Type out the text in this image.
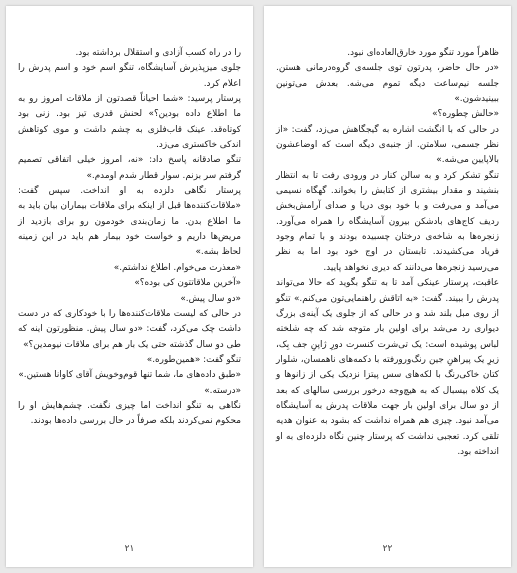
را در راه کسب آزادی و استقلال برداشته بود.

جلوی میزپذیرش آسایشگاه، تنگو اسم خود و اسم پدرش را اعلام کرد.

پرستار پرسید: «شما احیاناً قصدتون از ملاقات امروز رو به ما اطلاع داده بودین؟» لحنش قدری تیز بود. زنی بود کوتاه‌قد. عینک قاب‌فلزی به چشم داشت و موی کوتاهش اندکی خاکستری می‌زد.

تنگو صادقانه پاسخ داد: «نه، امروز خیلی اتفاقی تصمیم گرفتم سر بزنم. سوار قطار شدم اومدم.»

پرستار نگاهی دلزده به او انداخت. سپس گفت: «ملاقات‌کننده‌ها قبل از اینکه برای ملاقات بیماران بیان باید به ما اطلاع بدن. ما زمان‌بندی خودمون رو برای بازدید از مریض‌ها داریم و خواست خود بیمار هم باید در این زمینه لحاظ بشه.»

«معذرت می‌خوام. اطلاع نداشتم.»

«آخرین ملاقاتتون کی بوده؟»

«دو سال پیش.»

در حالی که لیست ملاقات‌کننده‌ها را با خودکاری که در دست داشت چک می‌کرد، گفت: «دو سال پیش. منظورتون اینه که طی دو سال گذشته حتی یک بار هم برای ملاقات نیومدین؟»

تنگو گفت: «همین‌طوره.»

«طبق داده‌های ما، شما تنها قوم‌وخویش آقای کاوانا هستین.»

«درسته.»

نگاهی به تنگو انداخت اما چیزی نگفت. چشم‌هایش او را محکوم نمی‌کردند بلکه صرفاً در حال بررسی داده‌ها بودند.

۲۱

ظاهراً مورد تنگو مورد خارق‌العاده‌ای نبود.

«در حال حاضر، پدرتون توی جلسه‌ی گروه‌درمانی هستن. جلسه نیم‌ساعت دیگه تموم می‌شه. بعدش می‌تونین ببینیدشون.»

«حالش چطوره؟»

در حالی که با انگشت اشاره به گیجگاهش می‌زد، گفت: «از نظر جسمی، سلامتن. از جنبه‌ی دیگه است که اوضاعشون بالاپایین می‌شه.»

تنگو تشکر کرد و به سالن کنار در ورودی رفت تا به انتظار بنشیند و مقدار بیشتری از کتابش را بخواند. گهگاه نسیمی می‌آمد و می‌رفت و با خود بوی دریا و صدای آرامش‌بخش ردیف کاج‌های بادشکن بیرون آسایشگاه را همراه می‌آورد. زنجره‌ها به شاخه‌ی درختان چسبیده بودند و با تمام وجود فریاد می‌کشیدند. تابستان در اوج خود بود اما به نظر می‌رسید زنجره‌ها می‌دانند که دیری نخواهد پایید.

عاقبت، پرستار عینکی آمد تا به تنگو بگوید که حالا می‌تواند پدرش را ببیند. گفت: «به اتاقش راهنمایی‌تون می‌کنم.» تنگو از روی مبل بلند شد و در حالی که از جلوی یک آینه‌ی بزرگ دیواری رد می‌شد برای اولین بار متوجه شد که چه شلخته لباس پوشیده است: یک تی‌شرت کنسرت دورِ ژاپنِ جف بِک، زیرِ یک پیراهنِ جین رنگ‌ورورفته با دکمه‌های ناهمسان، شلوار کتان خاکی‌رنگ با لکه‌های سس پیتزا نزدیک یکی از زانوها و یک کلاه بیسبال که به هیچ‌وجه درخور بررسی سالهای که بعد از دو سال برای اولین بار جهت ملاقات پدرش به آسایشگاه می‌آمد نبود. چیزی هم همراه نداشت که بشود به عنوان هدیه تلقی کرد. تعجبی نداشت که پرستار چنین نگاه دلزده‌ای به او انداخته بود.

۲۲
